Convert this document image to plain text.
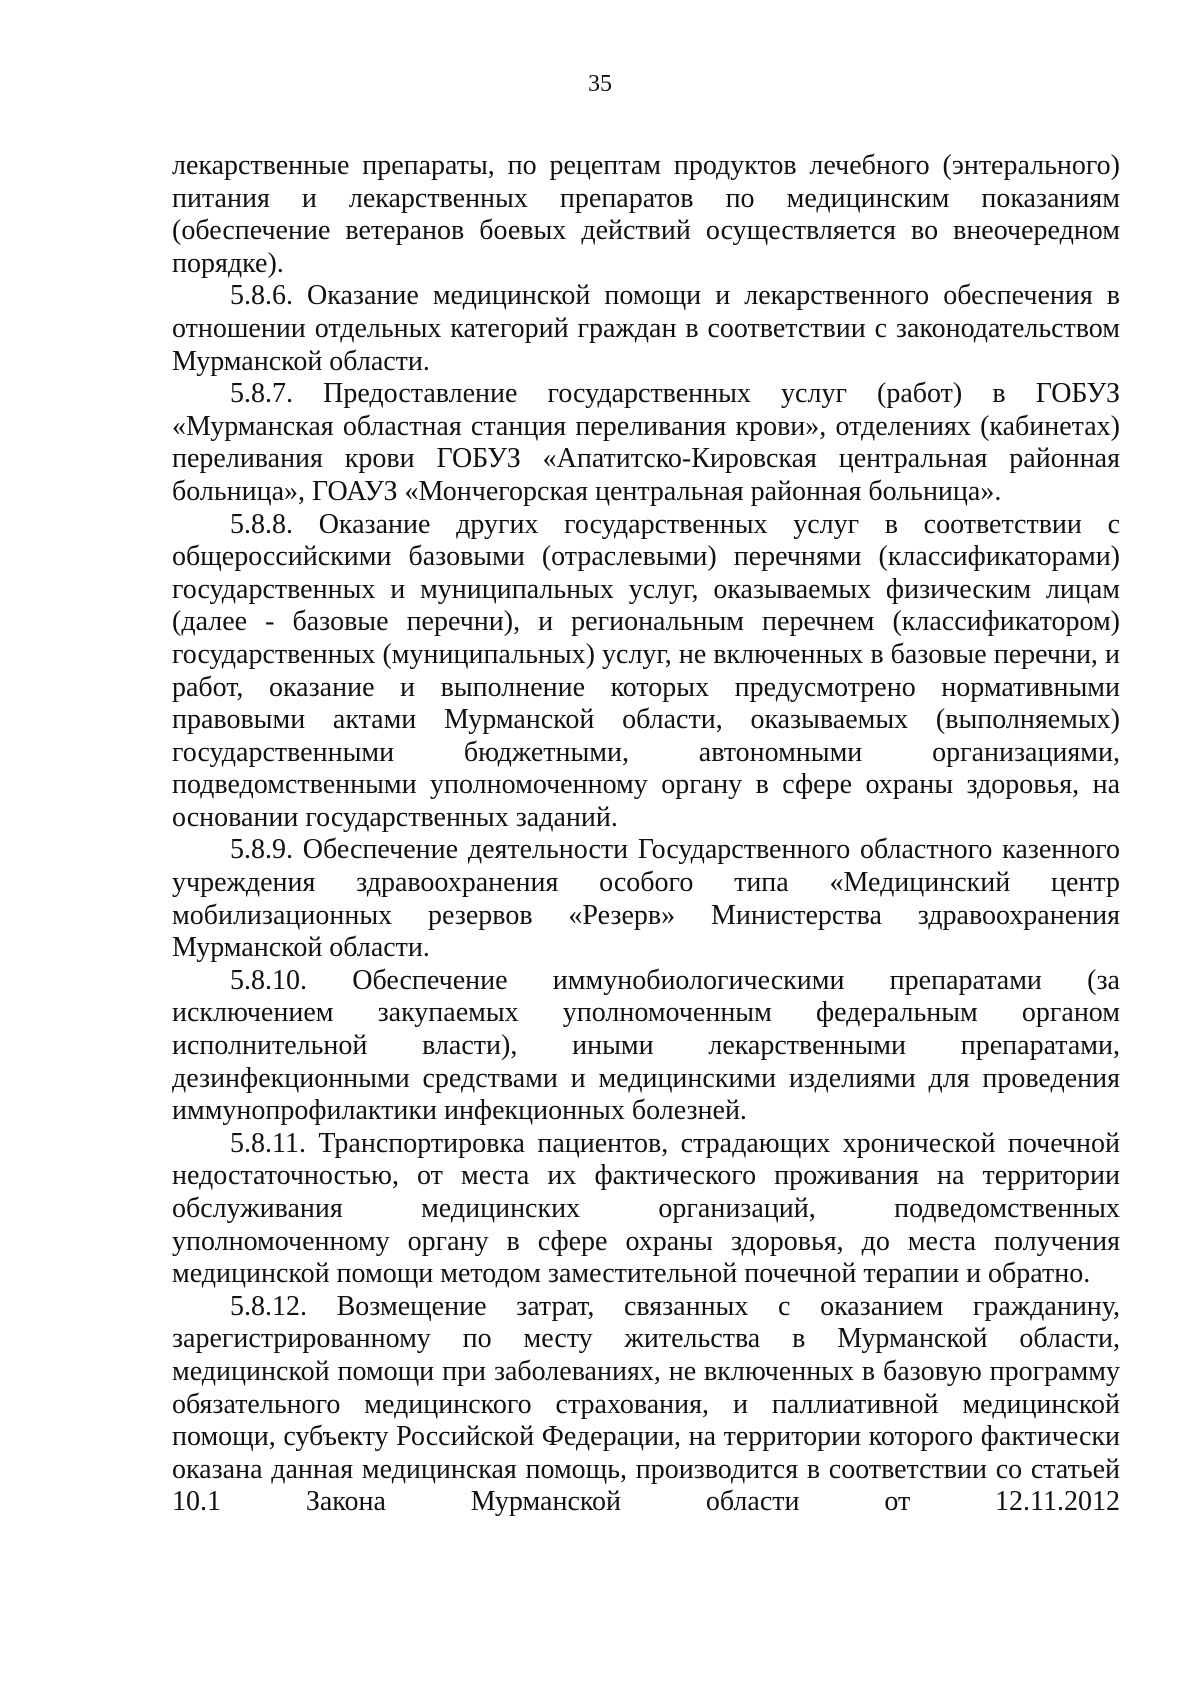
35

лекарственные препараты, по рецептам продуктов лечебного (энтерального) питания и лекарственных препаратов по медицинским показаниям (обеспечение ветеранов боевых действий осуществляется во внеочередном порядке).

5.8.6. Оказание медицинской помощи и лекарственного обеспечения в отношении отдельных категорий граждан в соответствии с законодательством Мурманской области.

5.8.7. Предоставление государственных услуг (работ) в ГОБУЗ «Мурманская областная станция переливания крови», отделениях (кабинетах) переливания крови ГОБУЗ «Апатитско-Кировская центральная районная больница», ГОАУЗ «Мончегорская центральная районная больница».

5.8.8. Оказание других государственных услуг в соответствии с общероссийскими базовыми (отраслевыми) перечнями (классификаторами) государственных и муниципальных услуг, оказываемых физическим лицам (далее - базовые перечни), и региональным перечнем (классификатором) государственных (муниципальных) услуг, не включенных в базовые перечни, и работ, оказание и выполнение которых предусмотрено нормативными правовыми актами Мурманской области, оказываемых (выполняемых) государственными бюджетными, автономными организациями, подведомственными уполномоченному органу в сфере охраны здоровья, на основании государственных заданий.

5.8.9. Обеспечение деятельности Государственного областного казенного учреждения здравоохранения особого типа «Медицинский центр мобилизационных резервов «Резерв» Министерства здравоохранения Мурманской области.

5.8.10. Обеспечение иммунобиологическими препаратами (за исключением закупаемых уполномоченным федеральным органом исполнительной власти), иными лекарственными препаратами, дезинфекционными средствами и медицинскими изделиями для проведения иммунопрофилактики инфекционных болезней.

5.8.11. Транспортировка пациентов, страдающих хронической почечной недостаточностью, от места их фактического проживания на территории обслуживания медицинских организаций, подведомственных уполномоченному органу в сфере охраны здоровья, до места получения медицинской помощи методом заместительной почечной терапии и обратно.

5.8.12. Возмещение затрат, связанных с оказанием гражданину, зарегистрированному по месту жительства в Мурманской области, медицинской помощи при заболеваниях, не включенных в базовую программу обязательного медицинского страхования, и паллиативной медицинской помощи, субъекту Российской Федерации, на территории которого фактически оказана данная медицинская помощь, производится в соответствии со статьей 10.1 Закона Мурманской области от 12.11.2012
